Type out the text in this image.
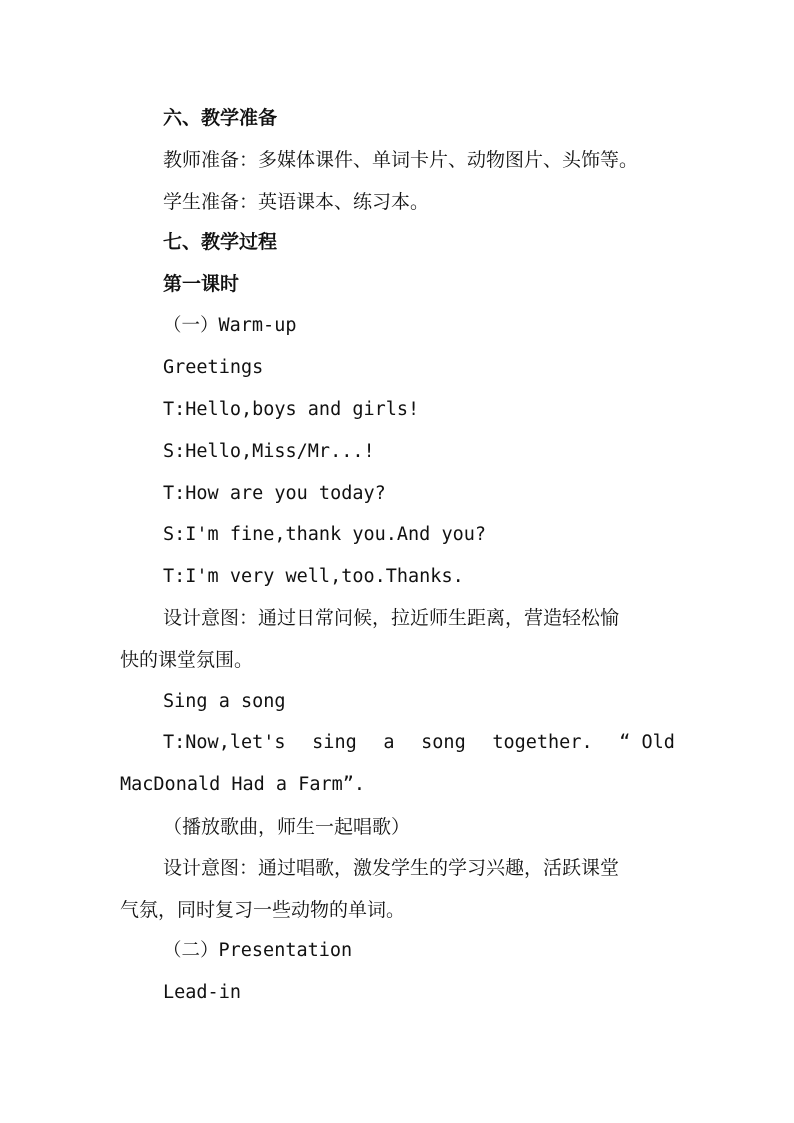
六、教学准备
教师准备：多媒体课件、单词卡片、动物图片、头饰等。
学生准备：英语课本、练习本。
七、教学过程
第一课时
（一）Warm-up
Greetings
T:Hello,boys and girls!
S:Hello,Miss/Mr...!
T:How are you today?
S:I'm fine,thank you.And you?
T:I'm very well,too.Thanks.
设计意图：通过日常问候，拉近师生距离，营造轻松愉
快的课堂氛围。
Sing a song
T:Now,let's sing a song together. “ Old
MacDonald Had a Farm”.
（播放歌曲，师生一起唱歌）
设计意图：通过唱歌，激发学生的学习兴趣，活跃课堂
气氛，同时复习一些动物的单词。
（二）Presentation
Lead-in
